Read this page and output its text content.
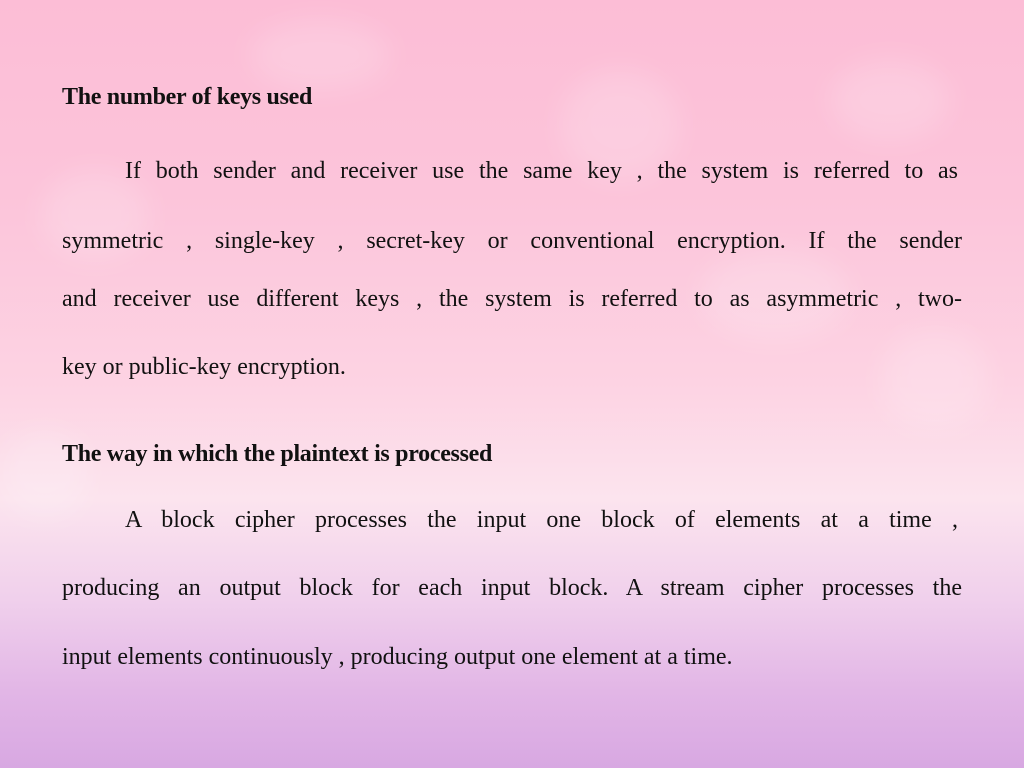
The number of keys used
If both sender and receiver use the same key , the system is referred to as
symmetric , single-key , secret-key or conventional encryption. If the sender
and receiver use different keys , the system is referred to as asymmetric , two-
key or public-key encryption.
The way in which the plaintext is processed
A block cipher processes the input one block of elements at a time ,
producing an output block for each input block. A stream cipher processes the
input elements continuously , producing output one element at a time.
